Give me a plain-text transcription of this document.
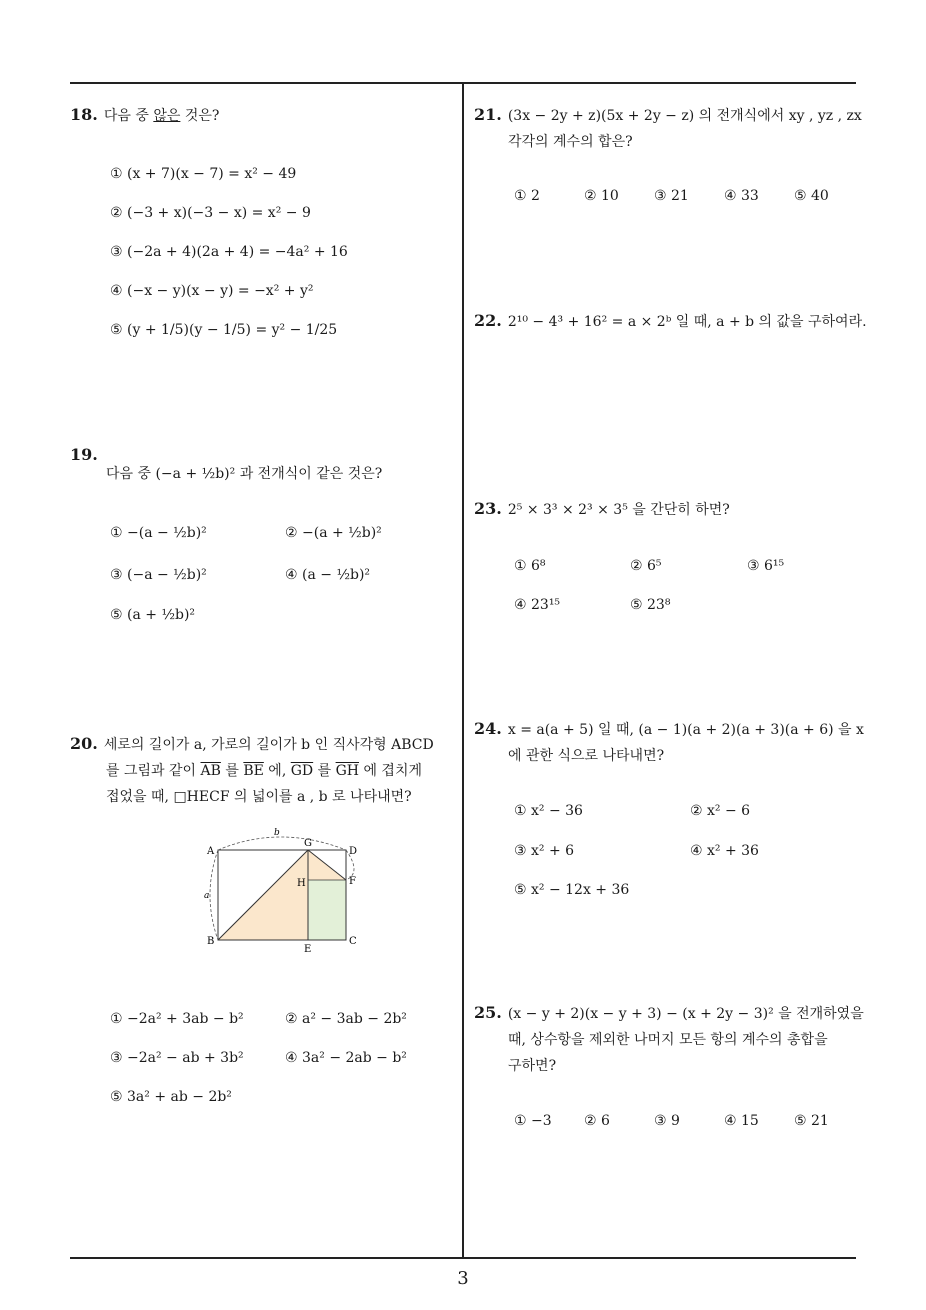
18. 다음 중 않은 것은?
① (x + 7)(x − 7) = x² − 49
② (−3 + x)(−3 − x) = x² − 9
③ (−2a + 4)(2a + 4) = −4a² + 16
④ (−x − y)(x − y) = −x² + y²
⑤ (y + 1/5)(y − 1/5) = y² − 1/25
19.
다음 중 (−a + ½b)² 과 전개식이 같은 것은?
① −(a − ½b)²	② −(a + ½b)²
③ (−a − ½b)²	④ (a − ½b)²
⑤ (a + ½b)²
20. 세로의 길이가 a, 가로의 길이가 b 인 직사각형 ABCD
를 그림과 같이 $\overline{AB}$ 를 $\overline{BE}$ 에, $\overline{GD}$ 를 $\overline{GH}$ 에 겹치게
접었을 때, □HECF 의 넓이를 a , b 로 나타내면?
A
B	C
D
E
F
G
H
a
b
① −2a² + 3ab − b²	② a² − 3ab − 2b²
③ −2a² − ab + 3b²	④ 3a² − 2ab − b²
⑤ 3a² + ab − 2b²
21. (3x − 2y + z)(5x + 2y − z) 의 전개식에서 xy , yz , zx
각각의 계수의 합은?
① 2	② 10	③ 21	④ 33	⑤ 40
22. 2¹⁰ − 4³ + 16² = a × 2ᵇ 일 때, a + b 의 값을 구하여라.
23. 2⁵ × 3³ × 2³ × 3⁵ 을 간단히 하면?
① 6⁸	② 6⁵	③ 6¹⁵
④ 23¹⁵	⑤ 23⁸
24. x = a(a + 5) 일 때, (a − 1)(a + 2)(a + 3)(a + 6) 을 x
에 관한 식으로 나타내면?
① x² − 36	② x² − 6
③ x² + 6	④ x² + 36
⑤ x² − 12x + 36
25. (x − y + 2)(x − y + 3) − (x + 2y − 3)² 을 전개하였을
때, 상수항을 제외한 나머지 모든 항의 계수의 총합을
구하면?
① −3 ② 6	③ 9	④ 15	⑤ 21
3
